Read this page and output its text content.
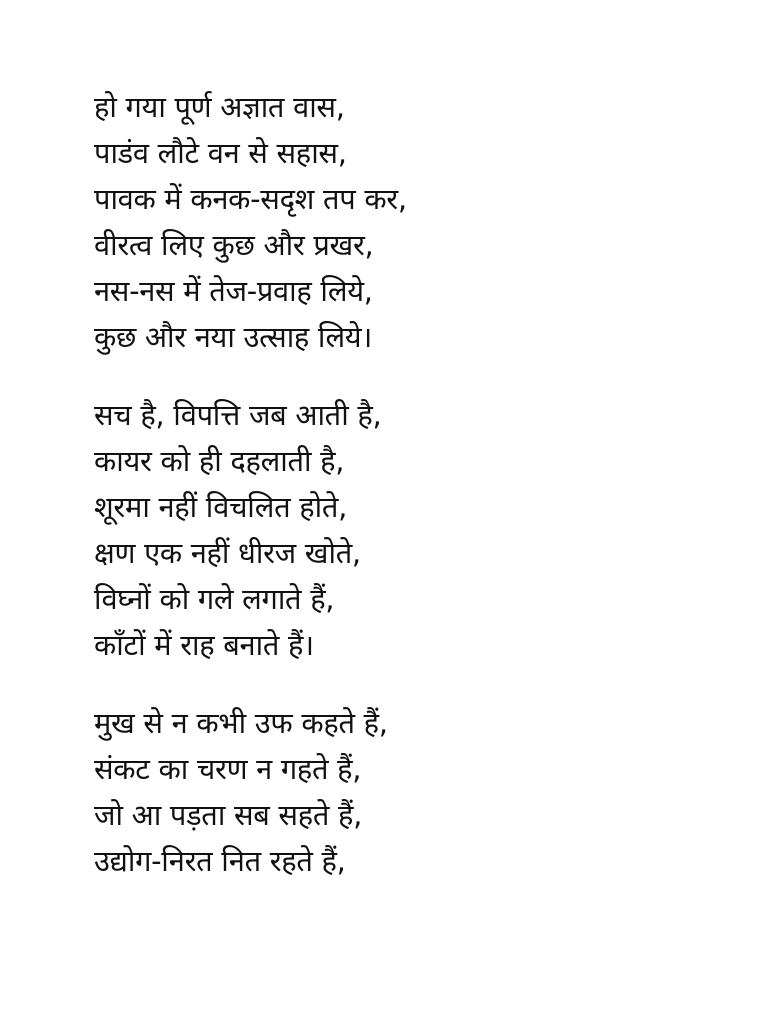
हो गया पूर्ण अज्ञात वास,
पाडंव लौटे वन से सहास,
पावक में कनक-सदृश तप कर,
वीरत्व लिए कुछ और प्रखर,
नस-नस में तेज-प्रवाह लिये,
कुछ और नया उत्साह लिये।
सच है, विपत्ति जब आती है,
कायर को ही दहलाती है,
शूरमा नहीं विचलित होते,
क्षण एक नहीं धीरज खोते,
विघ्नों को गले लगाते हैं,
काँटों में राह बनाते हैं।
मुख से न कभी उफ कहते हैं,
संकट का चरण न गहते हैं,
जो आ पड़ता सब सहते हैं,
उद्योग-निरत नित रहते हैं,
